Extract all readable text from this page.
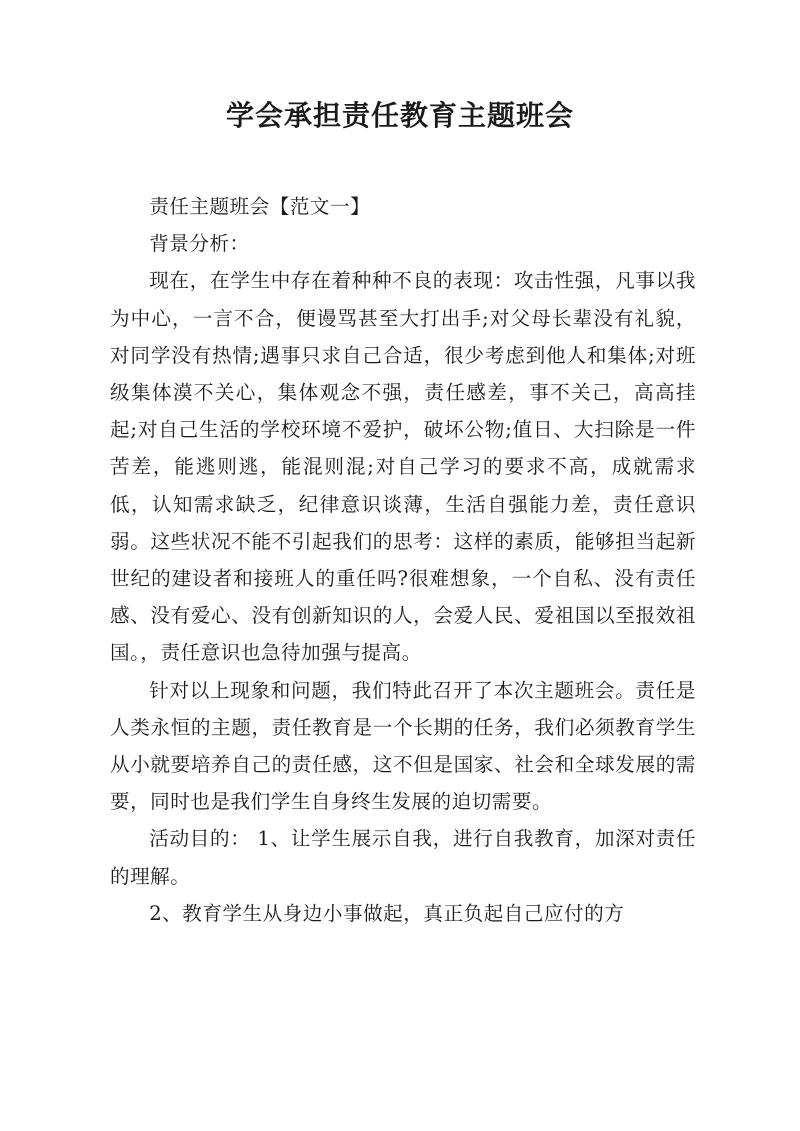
学会承担责任教育主题班会

责任主题班会【范文一】

背景分析：

现在，在学生中存在着种种不良的表现：攻击性强，凡事以我为中心，一言不合，便谩骂甚至大打出手;对父母长辈没有礼貌，对同学没有热情;遇事只求自己合适，很少考虑到他人和集体;对班级集体漠不关心，集体观念不强，责任感差，事不关己，高高挂起;对自己生活的学校环境不爱护，破坏公物;值日、大扫除是一件苦差，能逃则逃，能混则混;对自己学习的要求不高，成就需求低，认知需求缺乏，纪律意识谈薄，生活自强能力差，责任意识弱。这些状况不能不引起我们的思考：这样的素质，能够担当起新世纪的建设者和接班人的重任吗?很难想象，一个自私、没有责任感、没有爱心、没有创新知识的人，会爱人民、爱祖国以至报效祖国。，责任意识也急待加强与提高。

针对以上现象和问题，我们特此召开了本次主题班会。责任是人类永恒的主题，责任教育是一个长期的任务，我们必须教育学生从小就要培养自己的责任感，这不但是国家、社会和全球发展的需要，同时也是我们学生自身终生发展的迫切需要。

活动目的： 1、让学生展示自我，进行自我教育，加深对责任的理解。

2、教育学生从身边小事做起，真正负起自己应付的方
